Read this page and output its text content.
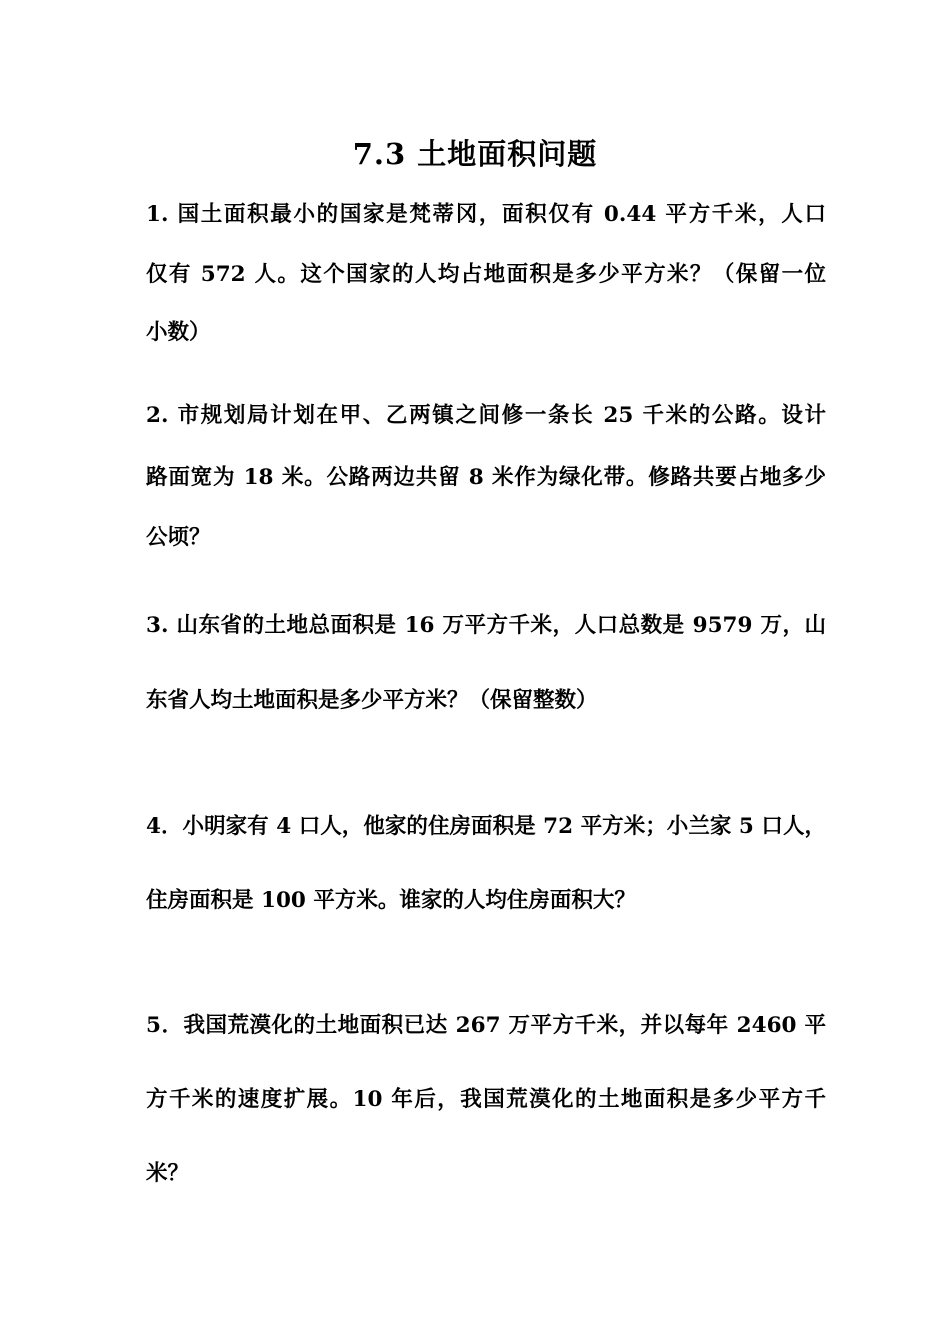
7.3 土地面积问题
1. 国土面积最小的国家是梵蒂冈，面积仅有 0.44 平方千米，人口
仅有 572 人。这个国家的人均占地面积是多少平方米？（保留一位
小数）
2. 市规划局计划在甲、乙两镇之间修一条长 25 千米的公路。设计
路面宽为 18 米。公路两边共留 8 米作为绿化带。修路共要占地多少
公顷？
3. 山东省的土地总面积是 16 万平方千米，人口总数是 9579 万，山
东省人均土地面积是多少平方米？（保留整数）
4．小明家有 4 口人，他家的住房面积是 72 平方米；小兰家 5 口人，
住房面积是 100 平方米。谁家的人均住房面积大？
5．我国荒漠化的土地面积已达 267 万平方千米，并以每年 2460 平
方千米的速度扩展。10 年后，我国荒漠化的土地面积是多少平方千
米？
